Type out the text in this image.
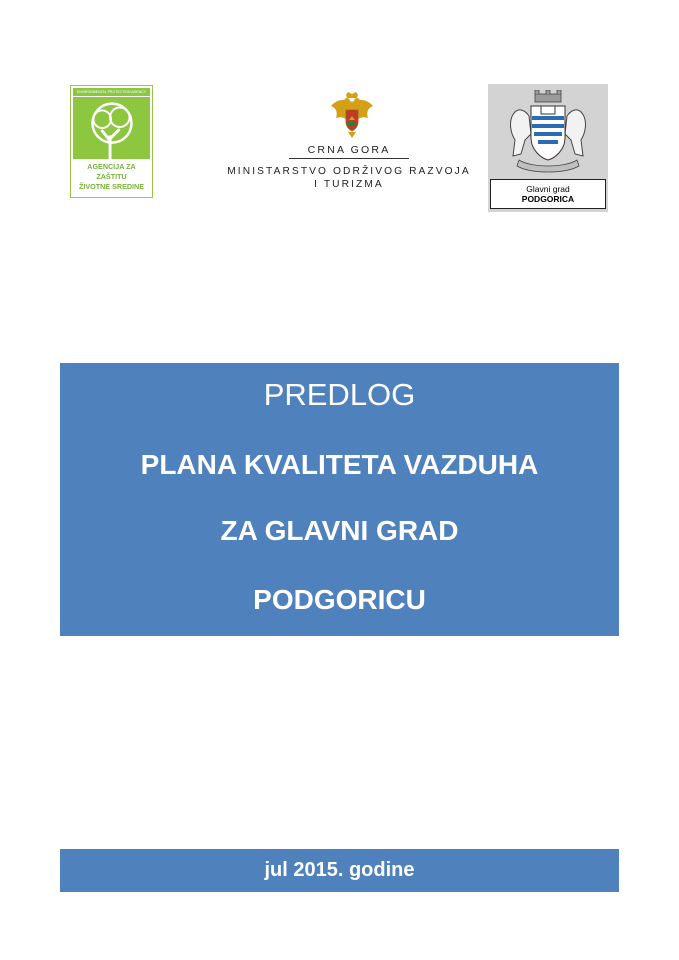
ENVIRONMENTAL PROTECTION AGENCY
AGENCIJA ZA ZAŠTITU
ŽIVOTNE SREDINE
CRNA GORA
MINISTARSTVO ODRŽIVOG RAZVOJA
I TURIZMA	Glavni grad
PODGORICA
PREDLOG
PLANA KVALITETA VAZDUHA
ZA GLAVNI GRAD
PODGORICU
jul 2015. godine
